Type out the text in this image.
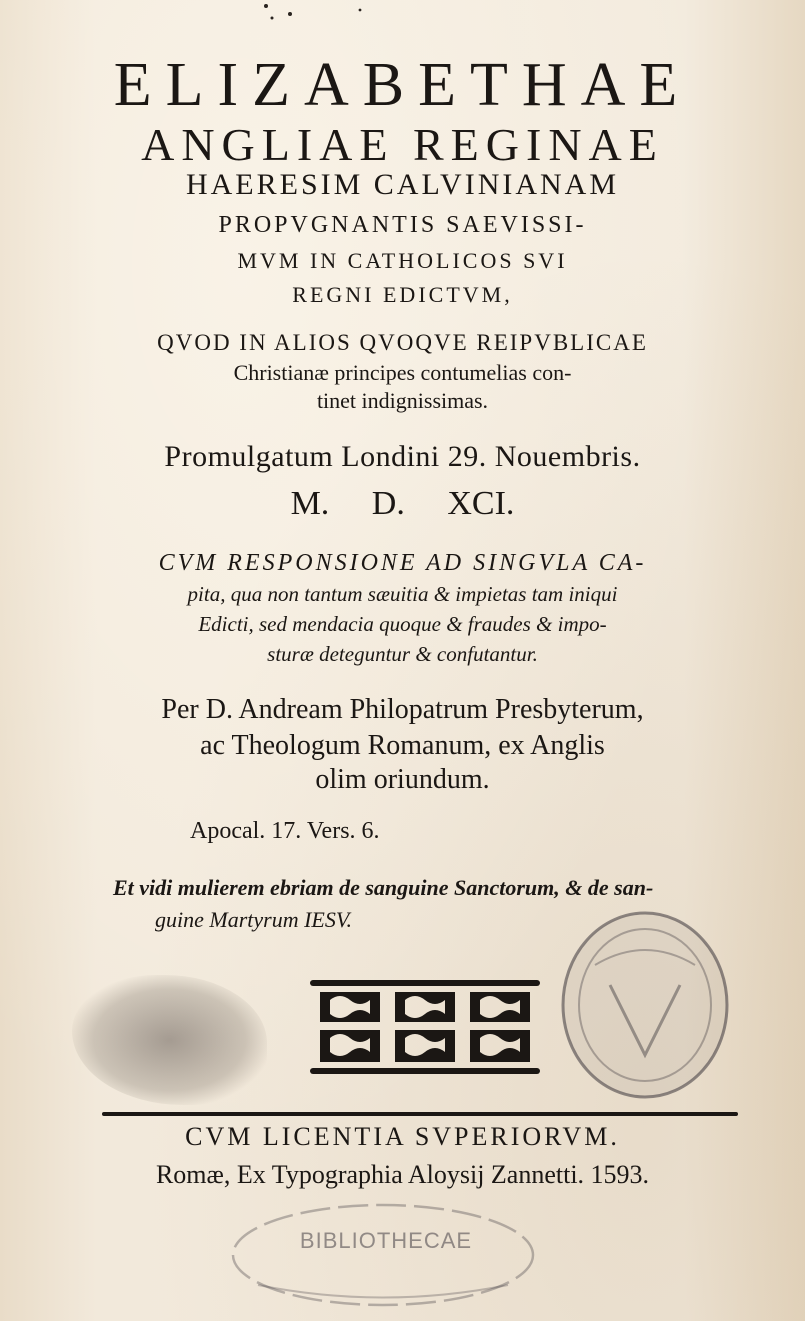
ELIZABETHAE
ANGLIAE REGINAE
HAERESIM CALVINIANAM
PROPVGNANTIS SAEVISSI-
MVM IN CATHOLICOS SVI
REGNI EDICTVM,
QVOD IN ALIOS QVOQVE REIPVBLICAE
Christianæ principes contumelias con-
tinet indignissimas.
Promulgatum Londini 29. Nouembris.
M. D. XCI.
CVM RESPONSIONE AD SINGVLA CA-
pita, qua non tantum sæuitia & impietas tam iniqui
Edicti, sed mendacia quoque & fraudes & impo-
sturæ deteguntur & confutantur.
Per D. Andream Philopatrum Presbyterum,
ac Theologum Romanum, ex Anglis
olim oriundum.
Apocal. 17. Vers. 6.
Et vidi mulierem ebriam de sanguine Sanctorum, & de san-
guine Martyrum IESV.
CVM LICENTIA SVPERIORVM.
Romæ, Ex Typographia Aloysij Zannetti. 1593.
BIBLIOTHECAE
